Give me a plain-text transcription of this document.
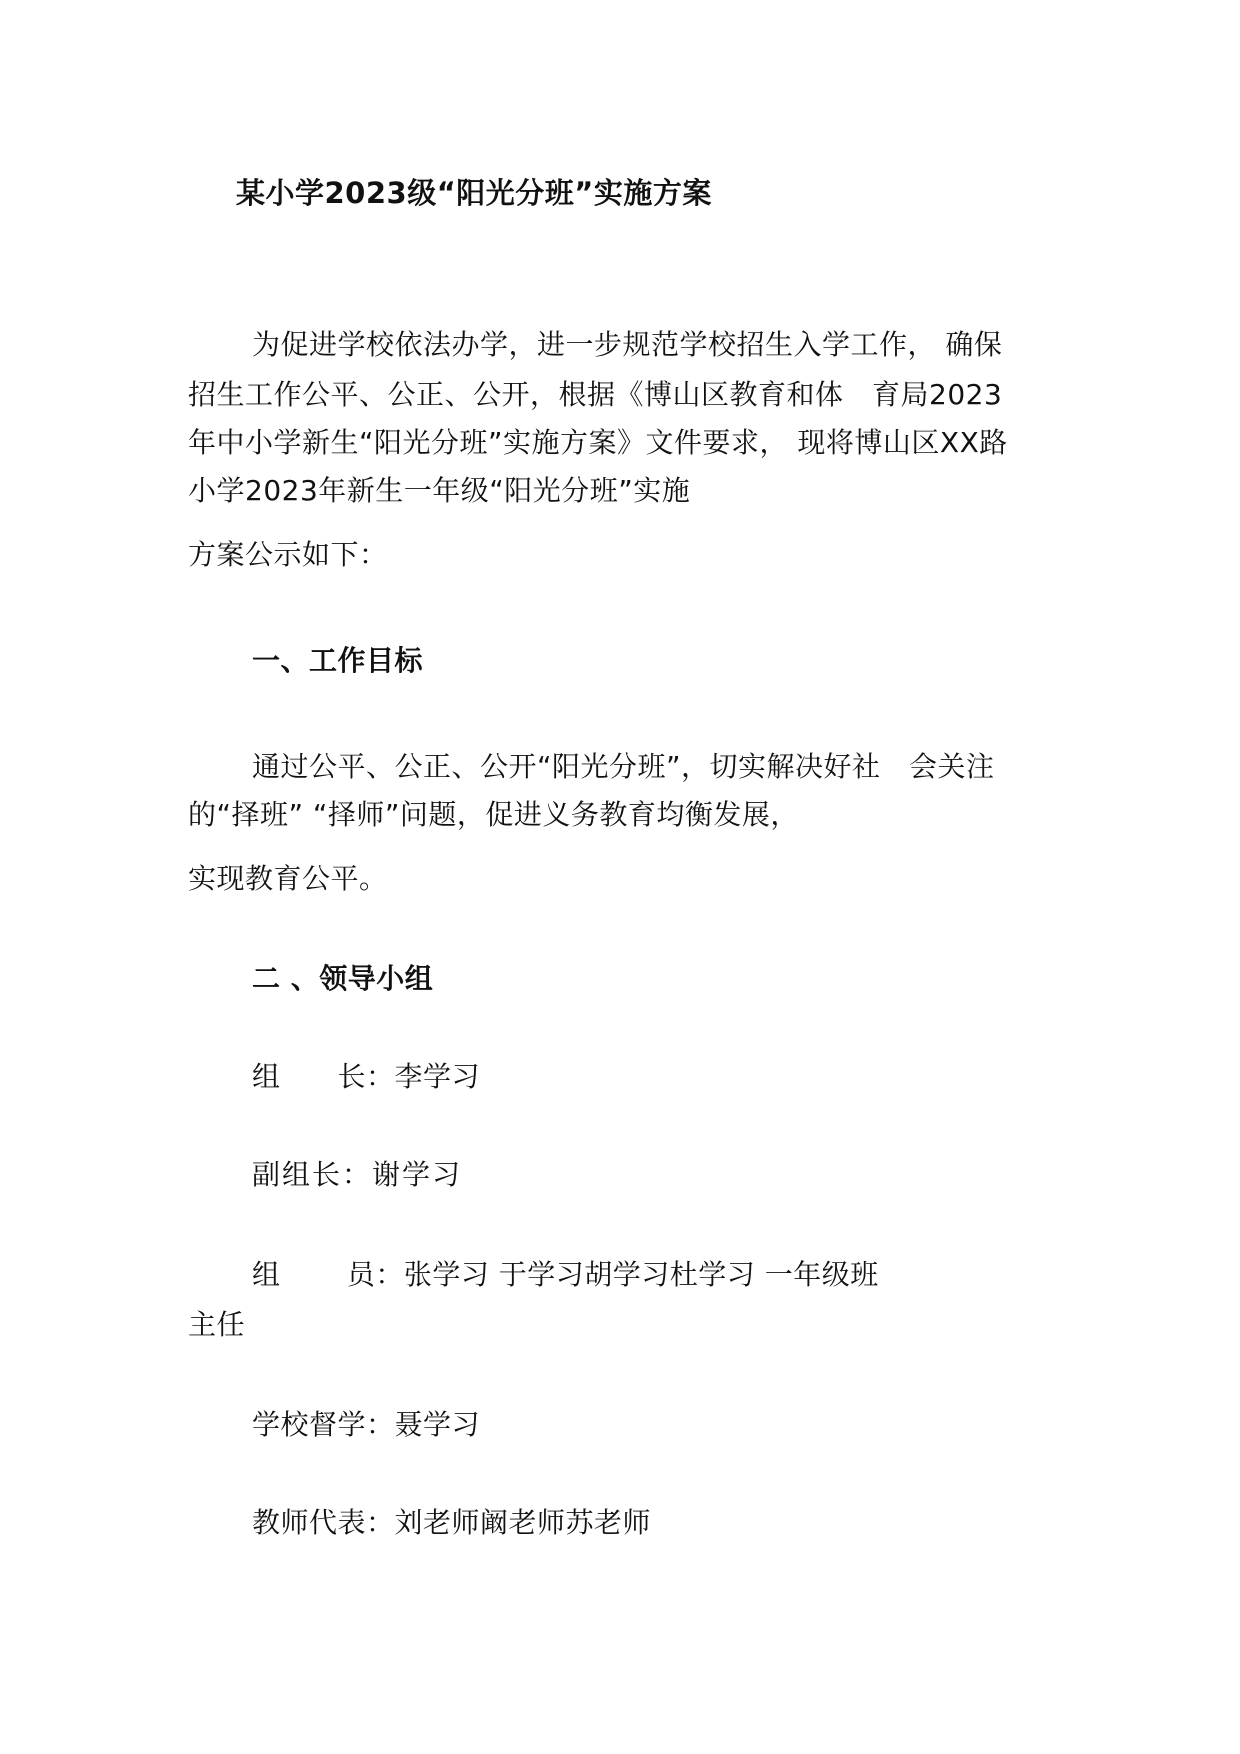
某小学2023级“阳光分班”实施方案
为促进学校依法办学，进一步规范学校招生入学工作， 确保
招生工作公平、公正、公开，根据《博山区教育和体　育局2023
年中小学新生“阳光分班”实施方案》文件要求， 现将博山区XX路
小学2023年新生一年级“阳光分班”实施
方案公示如下：
一、工作目标
通过公平、公正、公开“阳光分班”，切实解决好社　会关注
的“择班” “择师”问题，促进义务教育均衡发展，
实现教育公平。
二 、领导小组
组　　长：李学习
副组长：谢学习
组　　 员：张学习 于学习胡学习杜学习 一年级班
主任
学校督学：聂学习
教师代表：刘老师阚老师苏老师
